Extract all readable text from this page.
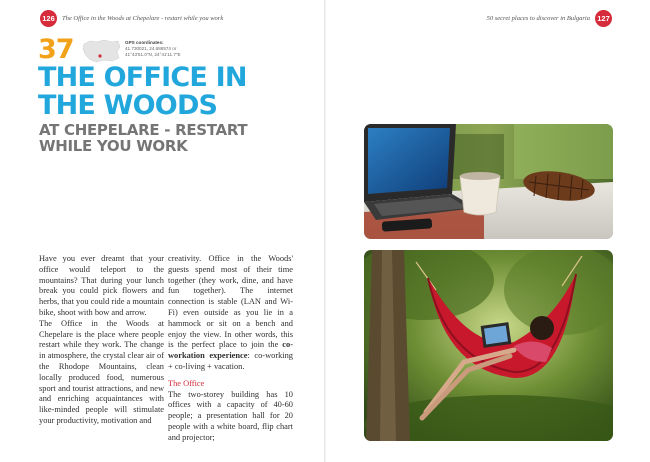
126	The Office in the Woods at Chepelare - restart while you work	50 secret places to discover in Bulgaria 127
37	GPS coordinates:
41.730021, 24.686574 or
41°43'51.0"N, 24°41'11.7"E
THE OFFICE IN
THE WOODS
AT CHEPELARE - RESTART
WHILE YOU WORK

Have you ever dreamt that your office would teleport to the mountains? That during your lunch break you could pick flowers and herbs, that you could ride a mountain bike, shoot with bow and arrow.

The Office in the Woods at Chepelare is the place where people restart while they work. The change in atmosphere, the crystal clear air of the Rhodope Mountains, clean locally produced food, numerous sport and tourist attractions, and new and enriching acquaintances with like-minded people will stimulate your productivity, motivation and

creativity. Office in the Woods' guests spend most of their time together (they work, dine, and have fun together). The internet connection is stable (LAN and Wi-Fi) even outside as you lie in a hammock or sit on a bench and enjoy the view. In other words, this is the perfect place to join the co-workation experience: co-working + co-living + vacation.

The Office

The two-storey building has 10 offices with a capacity of 40-60 people; a presentation hall for 20 people with a white board, flip chart and projector;
